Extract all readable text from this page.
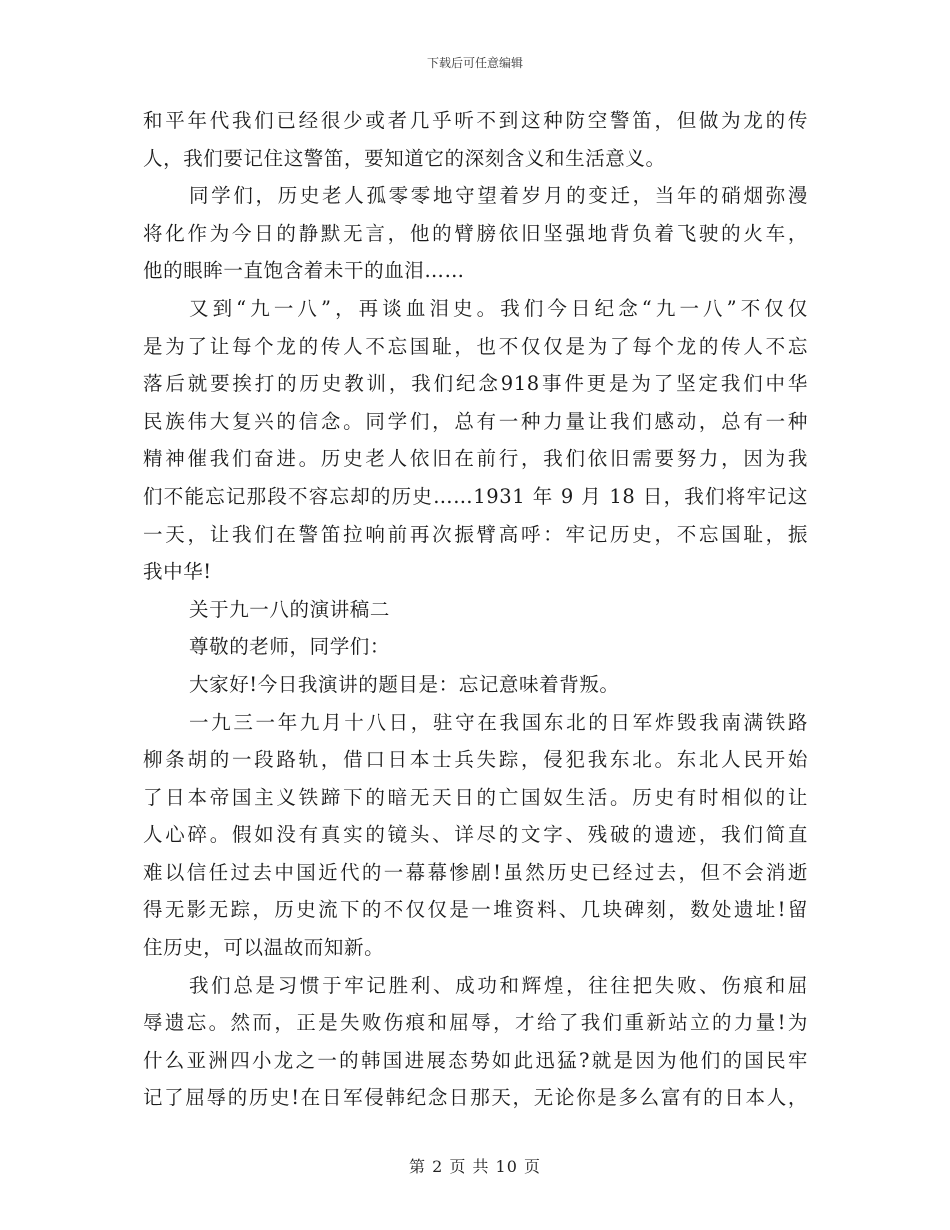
下载后可任意编辑
和平年代我们已经很少或者几乎听不到这种防空警笛，但做为龙的传
人，我们要记住这警笛，要知道它的深刻含义和生活意义。
同学们，历史老人孤零零地守望着岁月的变迁，当年的硝烟弥漫
将化作为今日的静默无言，他的臂膀依旧坚强地背负着飞驶的火车，
他的眼眸一直饱含着未干的血泪……
又到“九一八”，再谈血泪史。我们今日纪念“九一八”不仅仅
是为了让每个龙的传人不忘国耻，也不仅仅是为了每个龙的传人不忘
落后就要挨打的历史教训，我们纪念918事件更是为了坚定我们中华
民族伟大复兴的信念。同学们，总有一种力量让我们感动，总有一种
精神催我们奋进。历史老人依旧在前行，我们依旧需要努力，因为我
们不能忘记那段不容忘却的历史……1931 年 9 月 18 日，我们将牢记这
一天，让我们在警笛拉响前再次振臂高呼：牢记历史，不忘国耻，振
我中华!
关于九一八的演讲稿二
尊敬的老师，同学们：
大家好!今日我演讲的题目是：忘记意味着背叛。
一九三一年九月十八日，驻守在我国东北的日军炸毁我南满铁路
柳条胡的一段路轨，借口日本士兵失踪，侵犯我东北。东北人民开始
了日本帝国主义铁蹄下的暗无天日的亡国奴生活。历史有时相似的让
人心碎。假如没有真实的镜头、详尽的文字、残破的遗迹，我们简直
难以信任过去中国近代的一幕幕惨剧!虽然历史已经过去，但不会消逝
得无影无踪，历史流下的不仅仅是一堆资料、几块碑刻，数处遗址!留
住历史，可以温故而知新。
我们总是习惯于牢记胜利、成功和辉煌，往往把失败、伤痕和屈
辱遗忘。然而，正是失败伤痕和屈辱，才给了我们重新站立的力量!为
什么亚洲四小龙之一的韩国进展态势如此迅猛?就是因为他们的国民牢
记了屈辱的历史!在日军侵韩纪念日那天，无论你是多么富有的日本人，
第 2 页 共 10 页
